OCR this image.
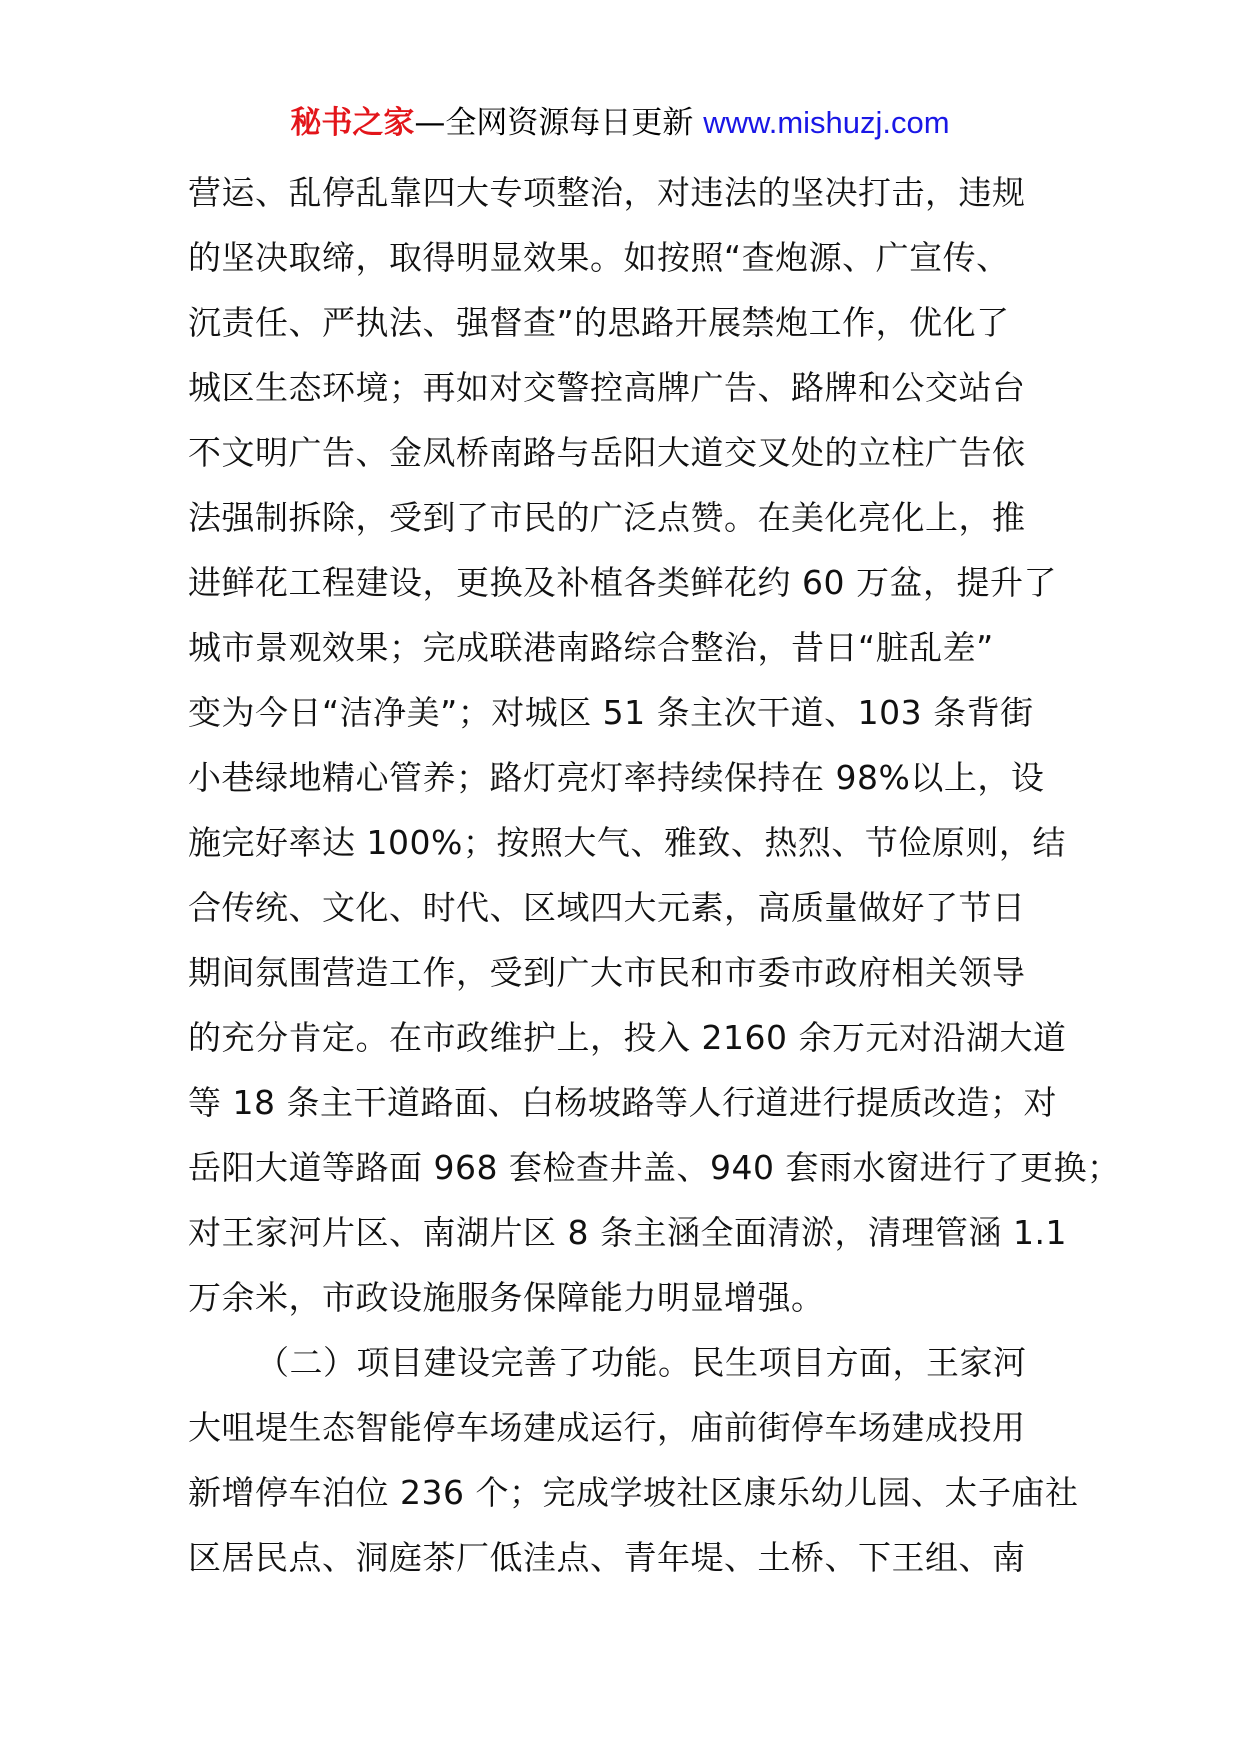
秘书之家—全网资源每日更新 www.mishuzj.com
营运、乱停乱靠四大专项整治，对违法的坚决打击，违规
的坚决取缔，取得明显效果。如按照“查炮源、广宣传、
沉责任、严执法、强督查”的思路开展禁炮工作，优化了
城区生态环境；再如对交警控高牌广告、路牌和公交站台
不文明广告、金凤桥南路与岳阳大道交叉处的立柱广告依
法强制拆除，受到了市民的广泛点赞。在美化亮化上，推
进鲜花工程建设，更换及补植各类鲜花约 60 万盆，提升了
城市景观效果；完成联港南路综合整治，昔日“脏乱差”
变为今日“洁净美”；对城区 51 条主次干道、103 条背街
小巷绿地精心管养；路灯亮灯率持续保持在 98%以上，设
施完好率达 100%；按照大气、雅致、热烈、节俭原则，结
合传统、文化、时代、区域四大元素，高质量做好了节日
期间氛围营造工作，受到广大市民和市委市政府相关领导
的充分肯定。在市政维护上，投入 2160 余万元对沿湖大道
等 18 条主干道路面、白杨坡路等人行道进行提质改造；对
岳阳大道等路面 968 套检查井盖、940 套雨水窗进行了更换；
对王家河片区、南湖片区 8 条主涵全面清淤，清理管涵 1.1
万余米，市政设施服务保障能力明显增强。
（二）项目建设完善了功能。民生项目方面，王家河
大咀堤生态智能停车场建成运行，庙前街停车场建成投用
新增停车泊位 236 个；完成学坡社区康乐幼儿园、太子庙社
区居民点、洞庭茶厂低洼点、青年堤、土桥、下王组、南
